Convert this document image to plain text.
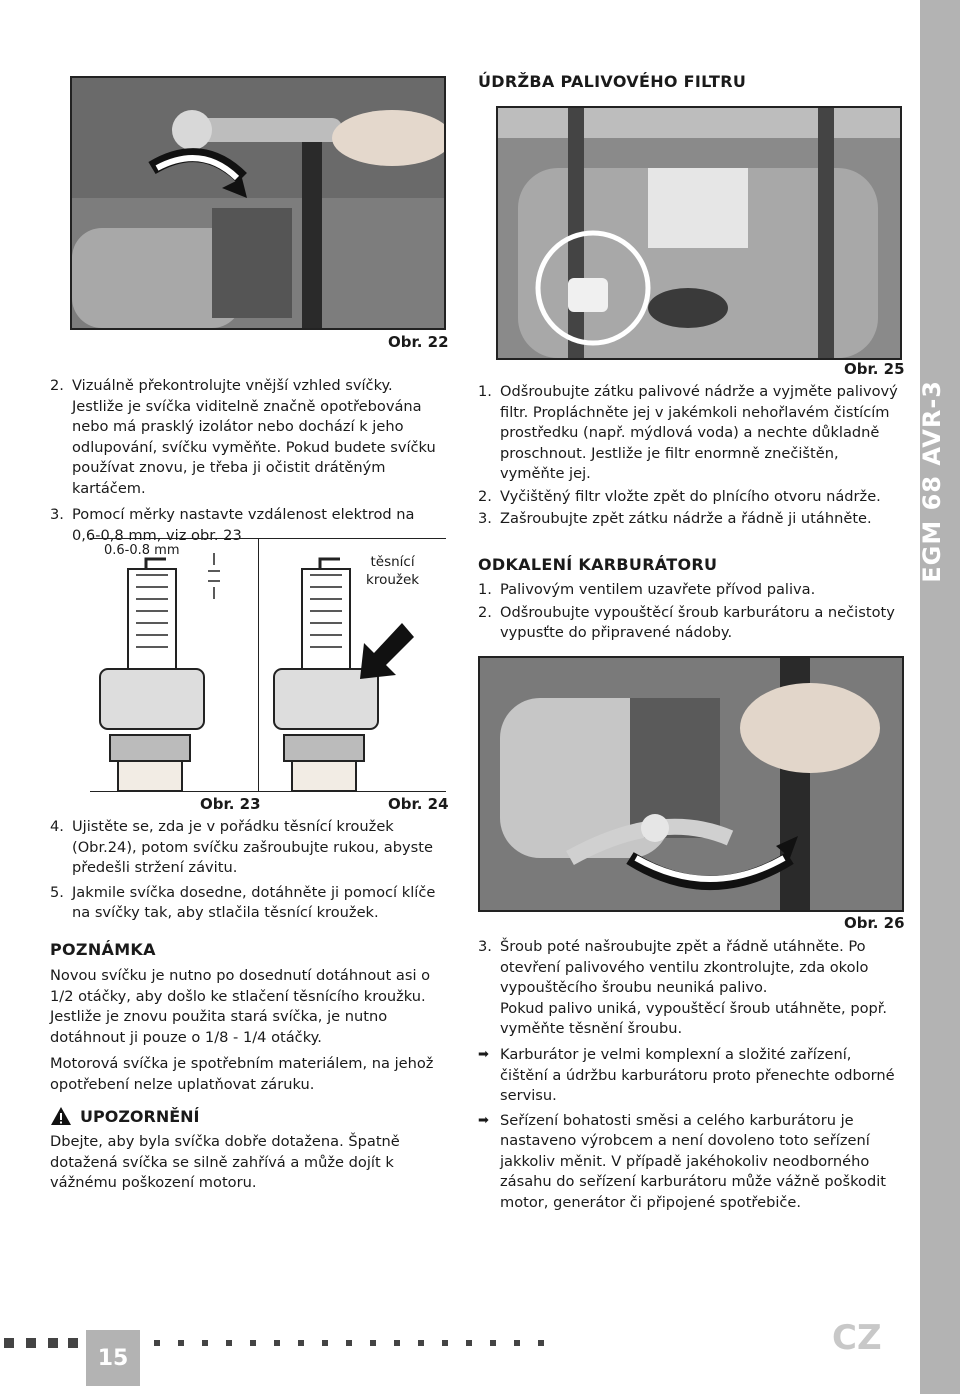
EGM 68 AVR-3
Obr. 22
2. Vizuálně překontrolujte vnější vzhled svíčky. Jestliže je svíčka viditelně značně opotřebována nebo má prasklý izolátor nebo dochází k jeho odlupování, svíčku vyměňte. Pokud budete svíčku používat znovu, je třeba ji očistit drátěným kartáčem.
3. Pomocí měrky nastavte vzdálenost elektrod na 0,6-0,8 mm, viz obr. 23
0.6-0.8 mm
těsnící
kroužek
Obr. 23	Obr. 24
4. Ujistěte se, zda je v pořádku těsnící kroužek (Obr.24), potom svíčku zašroubujte rukou, abyste předešli stržení závitu.
5. Jakmile svíčka dosedne, dotáhněte ji pomocí klíče na svíčky tak, aby stlačila těsnící kroužek.
POZNÁMKA
Novou svíčku je nutno po dosednutí dotáhnout asi o 1/2 otáčky, aby došlo ke stlačení těsnícího kroužku. Jestliže je znovu použita stará svíčka, je nutno dotáhnout ji pouze o 1/8 - 1/4 otáčky.
Motorová svíčka je spotřebním materiálem, na jehož opotřebení nelze uplatňovat záruku.
UPOZORNĚNÍ
Dbejte, aby byla svíčka dobře dotažena. Špatně dotažená svíčka se silně zahřívá a může dojít k vážnému poškození motoru.
ÚDRŽBA PALIVOVÉHO FILTRU
Obr. 25
1. Odšroubujte zátku palivové nádrže a vyjměte palivový filtr. Propláchněte jej v jakémkoli nehořlavém čistícím prostředku (např. mýdlová voda) a nechte důkladně proschnout. Jestliže je filtr enormně znečištěn, vyměňte jej.
2. Vyčištěný filtr vložte zpět do plnícího otvoru nádrže.
3. Zašroubujte zpět zátku nádrže a řádně ji utáhněte.
ODKALENÍ KARBURÁTORU
1. Palivovým ventilem uzavřete přívod paliva.
2. Odšroubujte vypouštěcí šroub karburátoru a nečistoty vypusťte do připravené nádoby.
Obr. 26
3. Šroub poté našroubujte zpět a řádně utáhněte. Po otevření palivového ventilu zkontrolujte, zda okolo vypouštěcího šroubu neuniká palivo.
Pokud palivo uniká, vypouštěcí šroub utáhněte, popř. vyměňte těsnění šroubu.
➡ Karburátor je velmi komplexní a složité zařízení, čištění a údržbu karburátoru proto přenechte odborné servisu.
➡ Seřízení bohatosti směsi a celého karburátoru je nastaveno výrobcem a není dovoleno toto seřízení jakkoliv měnit. V případě jakéhokoliv neodborného zásahu do seřízení karburátoru může vážně poškodit motor, generátor či připojené spotřebiče.
15	CZ
